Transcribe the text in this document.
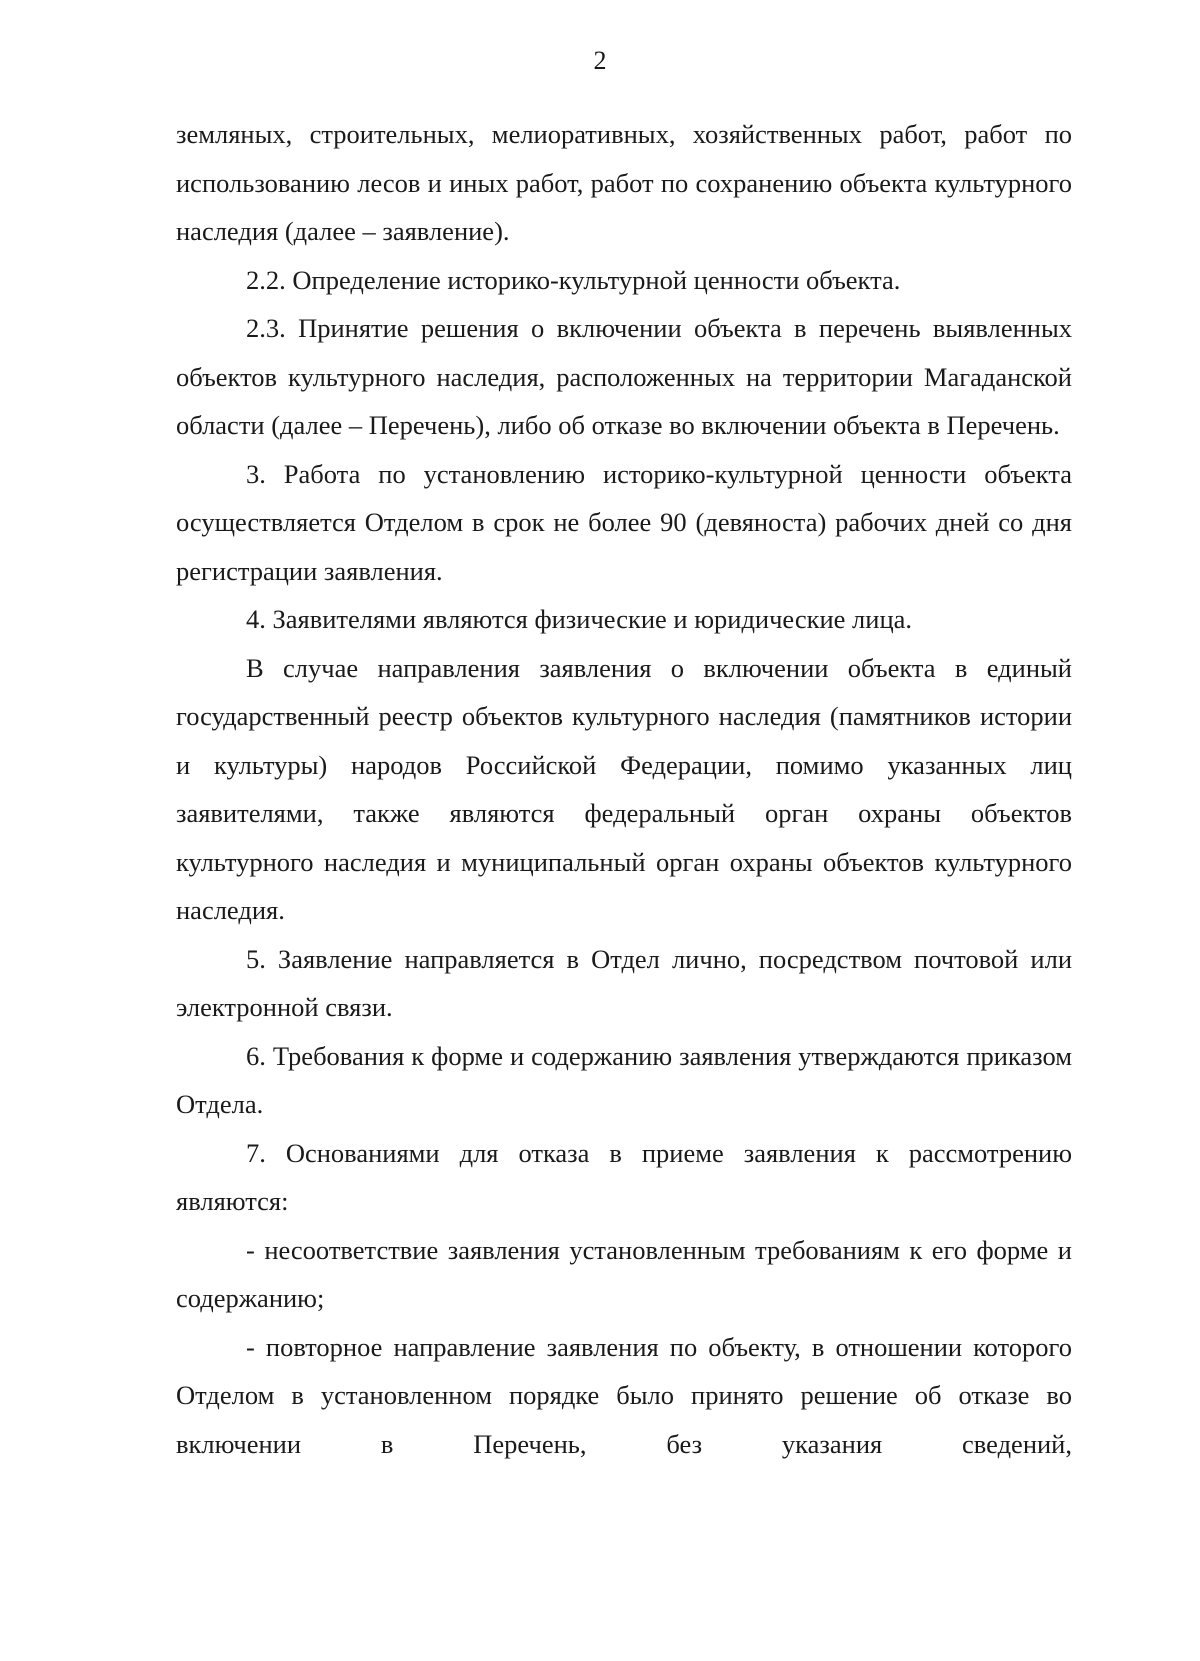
2

земляных, строительных, мелиоративных, хозяйственных работ, работ по использованию лесов и иных работ, работ по сохранению объекта культурного наследия (далее – заявление).

2.2. Определение историко-культурной ценности объекта.

2.3. Принятие решения о включении объекта в перечень выявленных объектов культурного наследия, расположенных на территории Магаданской области (далее – Перечень), либо об отказе во включении объекта в Перечень.

3. Работа по установлению историко-культурной ценности объекта осуществляется Отделом в срок не более 90 (девяноста) рабочих дней со дня регистрации заявления.

4. Заявителями являются физические и юридические лица.

В случае направления заявления о включении объекта в единый государственный реестр объектов культурного наследия (памятников истории и культуры) народов Российской Федерации, помимо указанных лиц заявителями, также являются федеральный орган охраны объектов культурного наследия и муниципальный орган охраны объектов культурного наследия.

5. Заявление направляется в Отдел лично, посредством почтовой или электронной связи.

6. Требования к форме и содержанию заявления утверждаются приказом Отдела.

7. Основаниями для отказа в приеме заявления к рассмотрению являются:

- несоответствие заявления установленным требованиям к его форме и содержанию;

- повторное направление заявления по объекту, в отношении которого Отделом в установленном порядке было принято решение об отказе во включении в Перечень, без указания сведений,
